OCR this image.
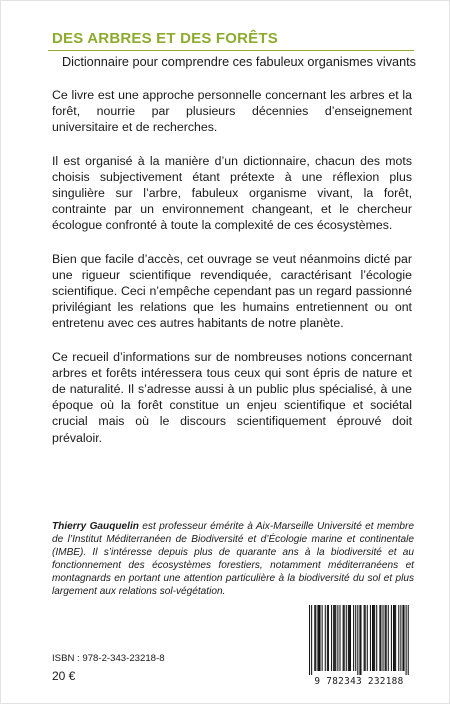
DES ARBRES ET DES FORÊTS
Dictionnaire pour comprendre ces fabuleux organismes vivants

Ce livre est une approche personnelle concernant les arbres et la forêt, nourrie par plusieurs décennies d’enseignement universitaire et de recherches.

Il est organisé à la manière d’un dictionnaire, chacun des mots choisis subjectivement étant prétexte à une réflexion plus singulière sur l’arbre, fabuleux organisme vivant, la forêt, contrainte par un environnement changeant, et le chercheur écologue confronté à toute la complexité de ces écosystèmes.

Bien que facile d’accès, cet ouvrage se veut néanmoins dicté par une rigueur scientifique revendiquée, caractérisant l’écologie scientifique. Ceci n’empêche cependant pas un regard passionné privilégiant les relations que les humains entretiennent ou ont entretenu avec ces autres habitants de notre planète.

Ce recueil d’informations sur de nombreuses notions concernant arbres et forêts intéressera tous ceux qui sont épris de nature et de naturalité. Il s’adresse aussi à un public plus spécialisé, à une époque où la forêt constitue un enjeu scientifique et sociétal crucial mais où le discours scientifiquement éprouvé doit prévaloir.

Thierry Gauquelin est professeur émérite à Aix-Marseille Université et membre de l’Institut Méditerranéen de Biodiversité et d’Écologie marine et continentale (IMBE). Il s’intéresse depuis plus de quarante ans à la biodiversité et au fonctionnement des écosystèmes forestiers, notamment méditerranéens et montagnards en portant une attention particulière à la biodiversité du sol et plus largement aux relations sol-végétation.
ISBN : 978-2-343-23218-8
20 €	9 782343 232188
